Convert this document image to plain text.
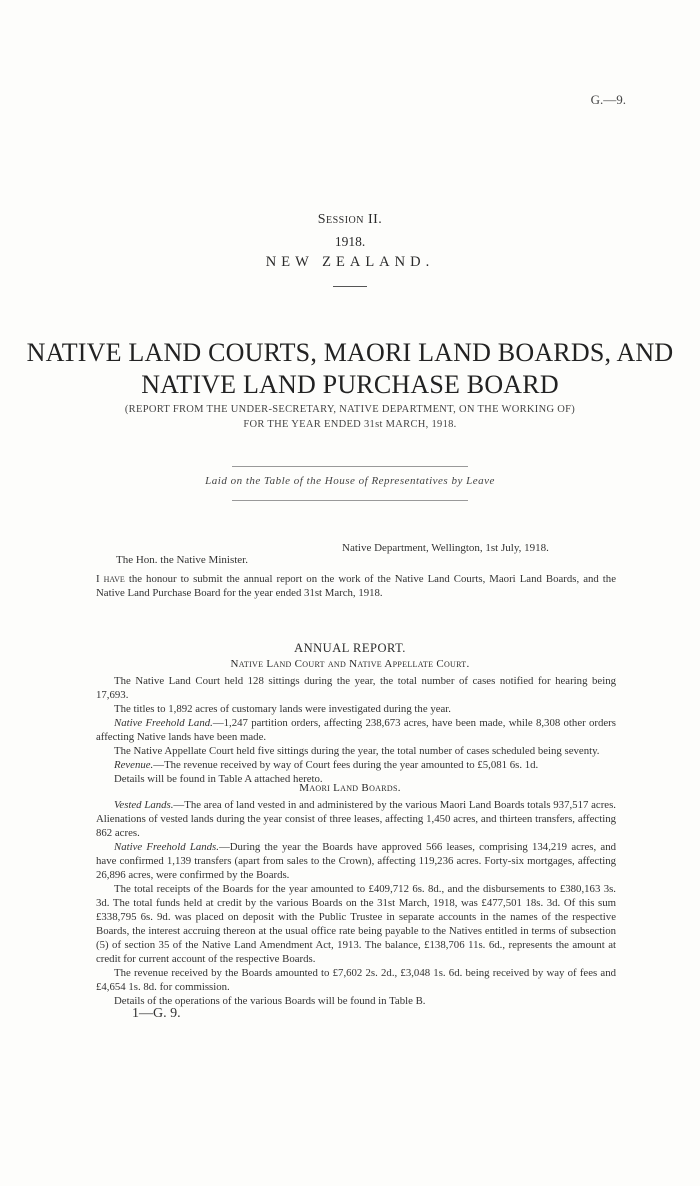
G.—9.
Session II.
1918.
NEW ZEALAND.
NATIVE LAND COURTS, MAORI LAND BOARDS, AND
NATIVE LAND PURCHASE BOARD
(REPORT FROM THE UNDER-SECRETARY, NATIVE DEPARTMENT, ON THE WORKING OF)
FOR THE YEAR ENDED 31st MARCH, 1918.
Laid on the Table of the House of Representatives by Leave
Native Department, Wellington, 1st July, 1918.
The Hon. the Native Minister.

I have the honour to submit the annual report on the work of the Native Land Courts, Maori Land Boards, and the Native Land Purchase Board for the year ended 31st March, 1918.

ANNUAL REPORT.
Native Land Court and Native Appellate Court.

The Native Land Court held 128 sittings during the year, the total number of cases notified for hearing being 17,693.

The titles to 1,892 acres of customary lands were investigated during the year.

Native Freehold Land.—1,247 partition orders, affecting 238,673 acres, have been made, while 8,308 other orders affecting Native lands have been made.

The Native Appellate Court held five sittings during the year, the total number of cases scheduled being seventy.

Revenue.—The revenue received by way of Court fees during the year amounted to £5,081 6s. 1d.

Details will be found in Table A attached hereto.

Maori Land Boards.

Vested Lands.—The area of land vested in and administered by the various Maori Land Boards totals 937,517 acres. Alienations of vested lands during the year consist of three leases, affecting 1,450 acres, and thirteen transfers, affecting 862 acres.

Native Freehold Lands.—During the year the Boards have approved 566 leases, comprising 134,219 acres, and have confirmed 1,139 transfers (apart from sales to the Crown), affecting 119,236 acres. Forty-six mortgages, affecting 26,896 acres, were confirmed by the Boards.

The total receipts of the Boards for the year amounted to £409,712 6s. 8d., and the disbursements to £380,163 3s. 3d. The total funds held at credit by the various Boards on the 31st March, 1918, was £477,501 18s. 3d. Of this sum £338,795 6s. 9d. was placed on deposit with the Public Trustee in separate accounts in the names of the respective Boards, the interest accruing thereon at the usual office rate being payable to the Natives entitled in terms of subsection (5) of section 35 of the Native Land Amendment Act, 1913. The balance, £138,706 11s. 6d., represents the amount at credit for current account of the respective Boards.

The revenue received by the Boards amounted to £7,602 2s. 2d., £3,048 1s. 6d. being received by way of fees and £4,654 1s. 8d. for commission.

Details of the operations of the various Boards will be found in Table B.

1—G. 9.
